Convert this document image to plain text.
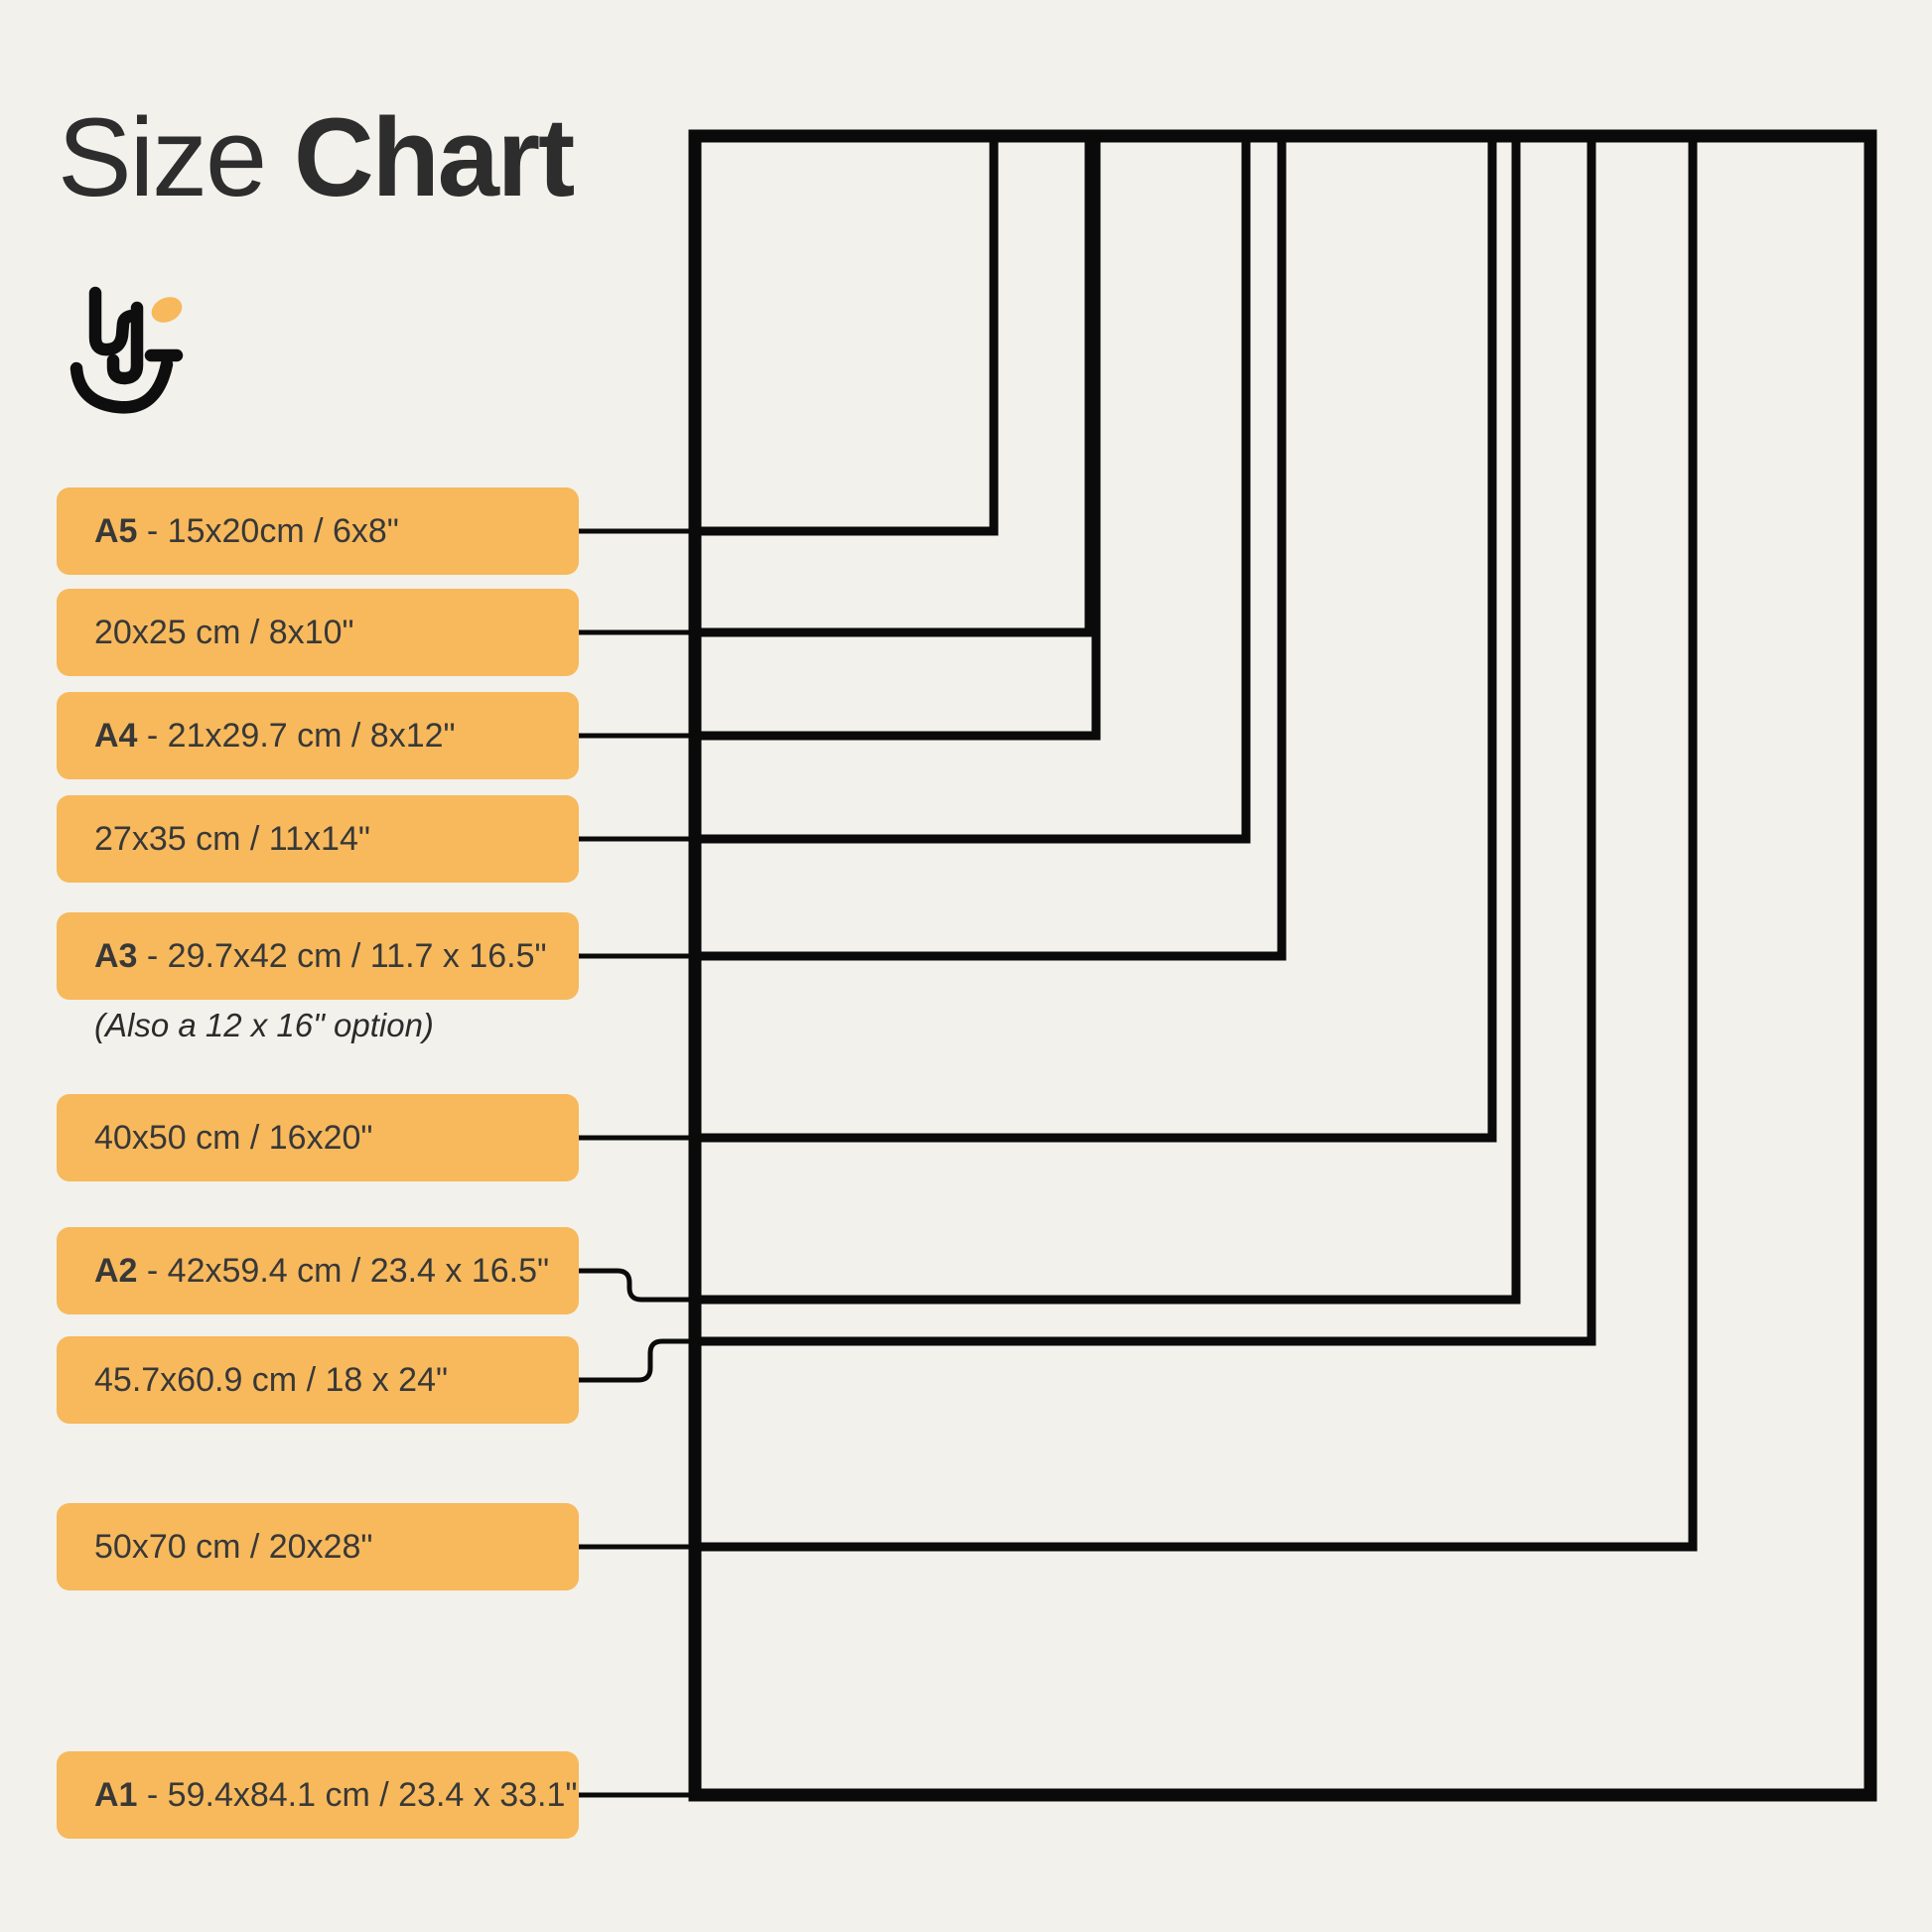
Size Chart
A5 - 15x20cm / 6x8"
20x25 cm / 8x10"
A4 - 21x29.7 cm / 8x12"
27x35 cm / 11x14"
A3 - 29.7x42 cm / 11.7 x 16.5"
40x50 cm / 16x20"
A2 - 42x59.4 cm / 23.4 x 16.5"
45.7x60.9 cm / 18 x 24"
50x70 cm / 20x28"
A1 - 59.4x84.1 cm / 23.4 x 33.1"
(Also a 12 x 16" option)
